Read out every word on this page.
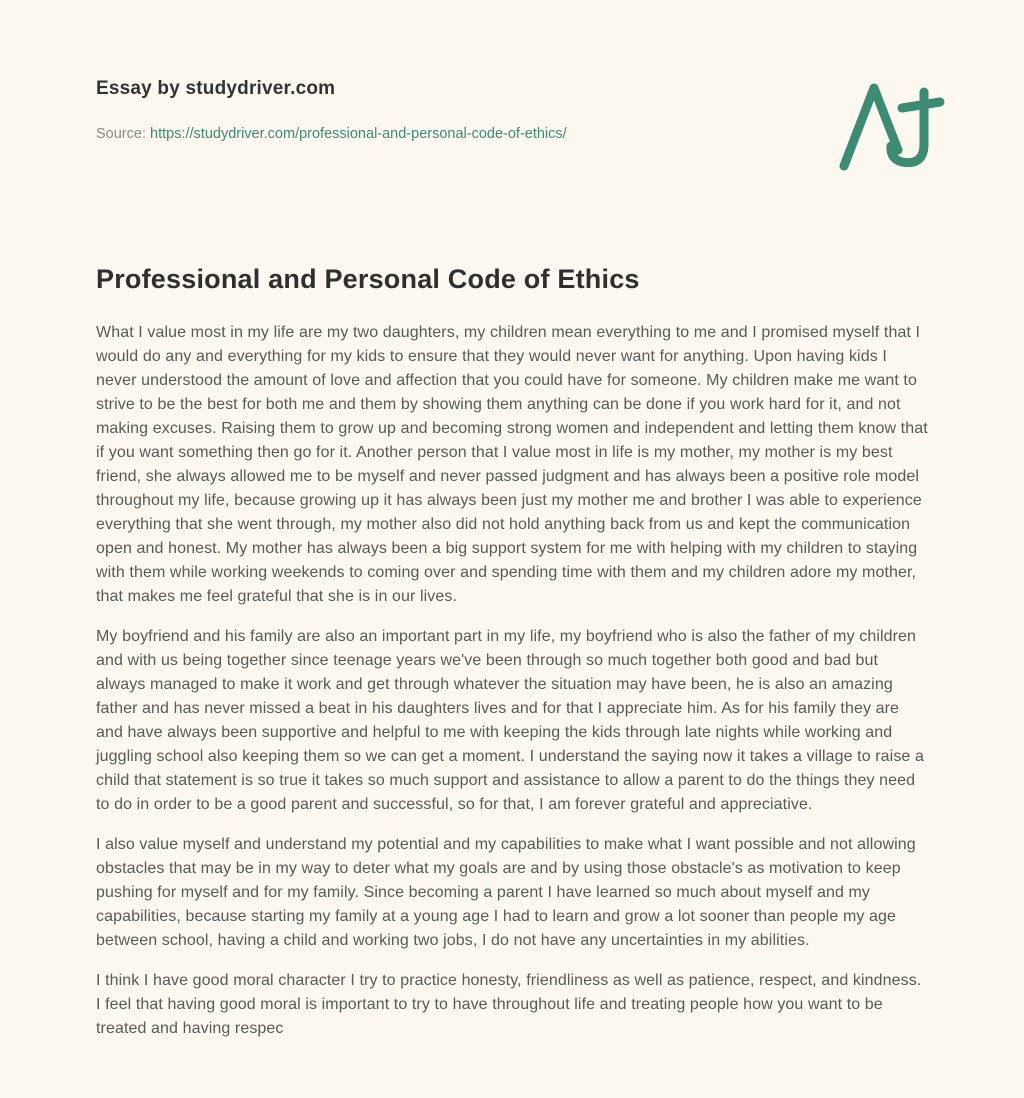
Essay by studydriver.com
Source: https://studydriver.com/professional-and-personal-code-of-ethics/
Professional and Personal Code of Ethics

What I value most in my life are my two daughters, my children mean everything to me and I promised myself that I would do any and everything for my kids to ensure that they would never want for anything. Upon having kids I never understood the amount of love and affection that you could have for someone. My children make me want to strive to be the best for both me and them by showing them anything can be done if you work hard for it, and not making excuses. Raising them to grow up and becoming strong women and independent and letting them know that if you want something then go for it. Another person that I value most in life is my mother, my mother is my best friend, she always allowed me to be myself and never passed judgment and has always been a positive role model throughout my life, because growing up it has always been just my mother me and brother I was able to experience everything that she went through, my mother also did not hold anything back from us and kept the communication open and honest. My mother has always been a big support system for me with helping with my children to staying with them while working weekends to coming over and spending time with them and my children adore my mother, that makes me feel grateful that she is in our lives.

My boyfriend and his family are also an important part in my life, my boyfriend who is also the father of my children and with us being together since teenage years we've been through so much together both good and bad but always managed to make it work and get through whatever the situation may have been, he is also an amazing father and has never missed a beat in his daughters lives and for that I appreciate him. As for his family they are and have always been supportive and helpful to me with keeping the kids through late nights while working and juggling school also keeping them so we can get a moment. I understand the saying now it takes a village to raise a child that statement is so true it takes so much support and assistance to allow a parent to do the things they need to do in order to be a good parent and successful, so for that, I am forever grateful and appreciative.

I also value myself and understand my potential and my capabilities to make what I want possible and not allowing obstacles that may be in my way to deter what my goals are and by using those obstacle's as motivation to keep pushing for myself and for my family. Since becoming a parent I have learned so much about myself and my capabilities, because starting my family at a young age I had to learn and grow a lot sooner than people my age between school, having a child and working two jobs, I do not have any uncertainties in my abilities.

I think I have good moral character I try to practice honesty, friendliness as well as patience, respect, and kindness. I feel that having good moral is important to try to have throughout life and treating people how you want to be treated and having respec
